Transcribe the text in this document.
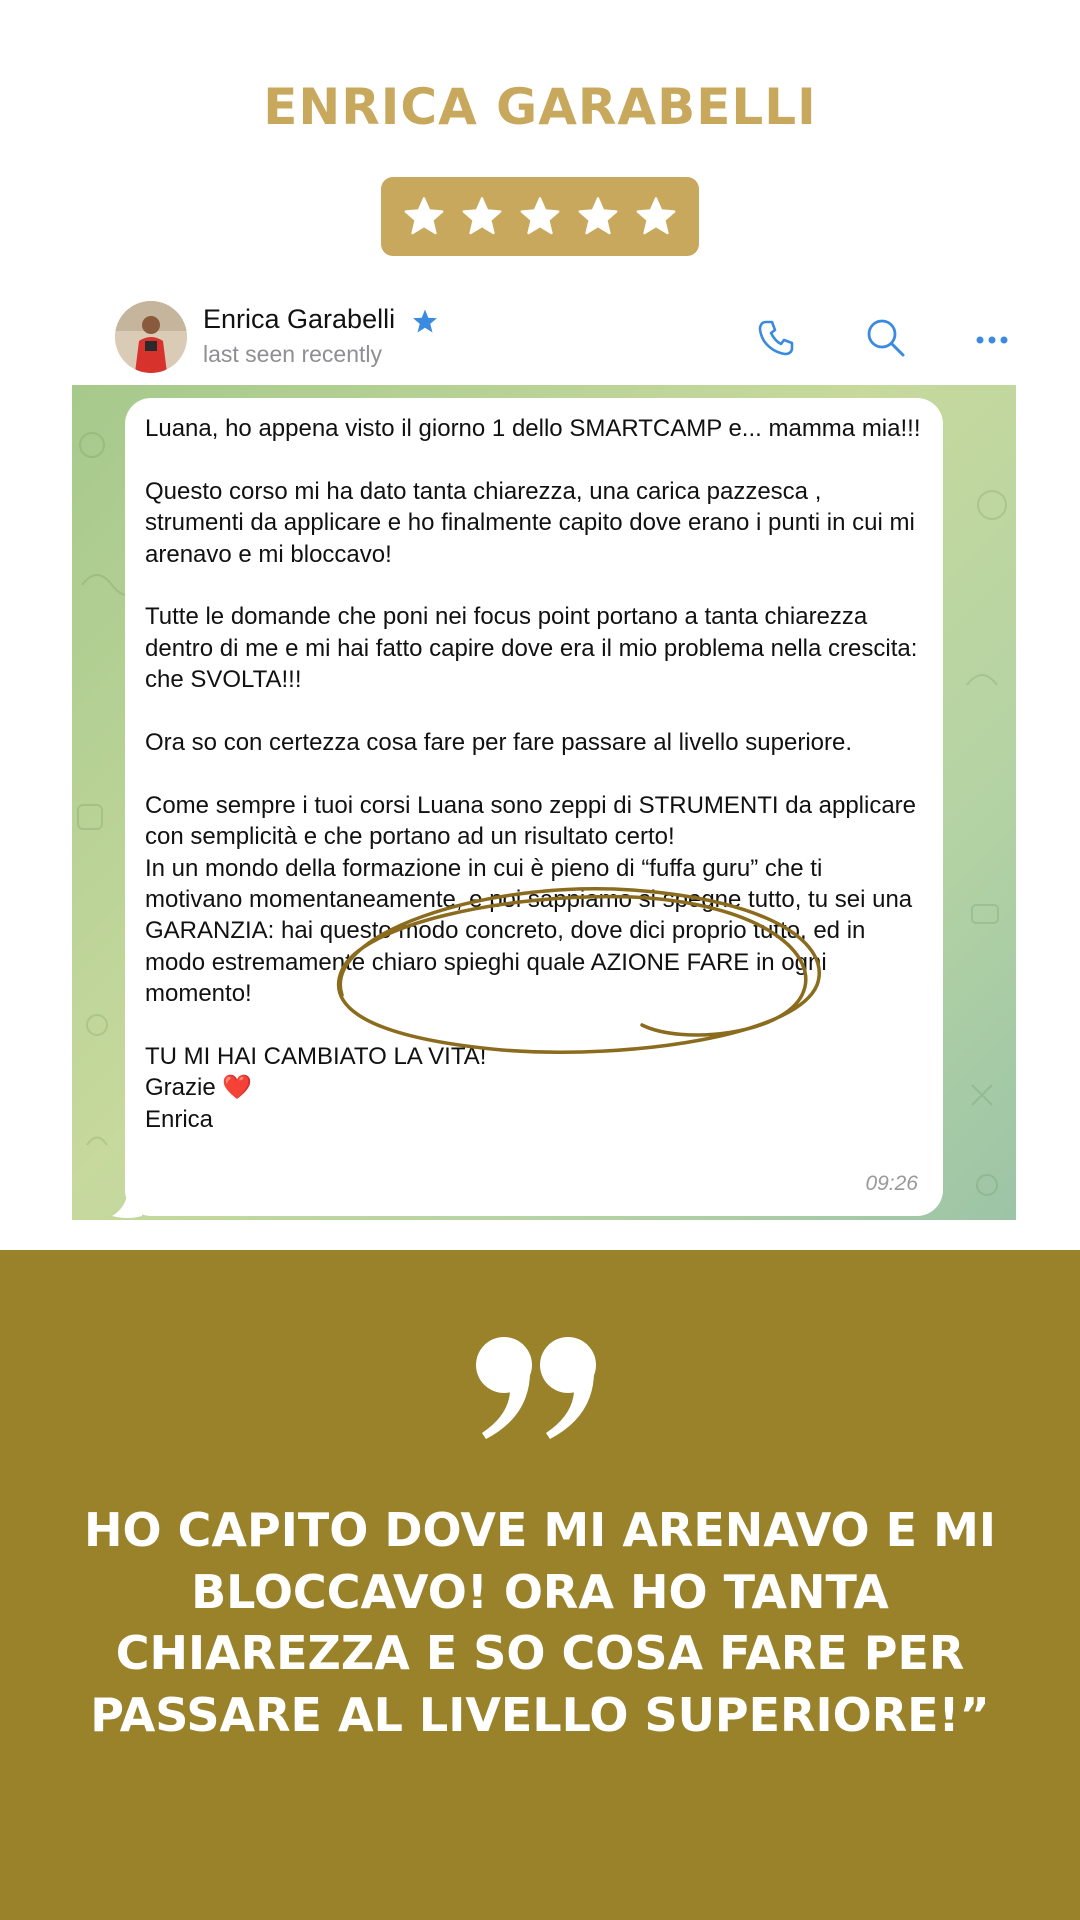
ENRICA GARABELLI
Enrica Garabelli
last seen recently

Luana, ho appena visto il giorno 1 dello SMARTCAMP e... mamma mia!!!

Questo corso mi ha dato tanta chiarezza, una carica pazzesca , strumenti da applicare e ho finalmente capito dove erano i punti in cui mi arenavo e mi bloccavo!

Tutte le domande che poni nei focus point portano a tanta chiarezza dentro di me e mi hai fatto capire dove era il mio problema nella crescita: che SVOLTA!!!

Ora so con certezza cosa fare per fare passare al livello superiore.

Come sempre i tuoi corsi Luana sono zeppi di STRUMENTI da applicare con semplicità e che portano ad un risultato certo!
In un mondo della formazione in cui è pieno di “fuffa guru” che ti motivano momentaneamente, e poi sappiamo si spegne tutto, tu sei una GARANZIA: hai questo modo concreto, dove dici proprio tutto, ed in modo estremamente chiaro spieghi quale AZIONE FARE in ogni momento!

TU MI HAI CAMBIATO LA VITA!
Grazie ❤️
Enrica

09:26
HO CAPITO DOVE MI ARENAVO E MI BLOCCAVO! ORA HO TANTA CHIAREZZA E SO COSA FARE PER PASSARE AL LIVELLO SUPERIORE!”
